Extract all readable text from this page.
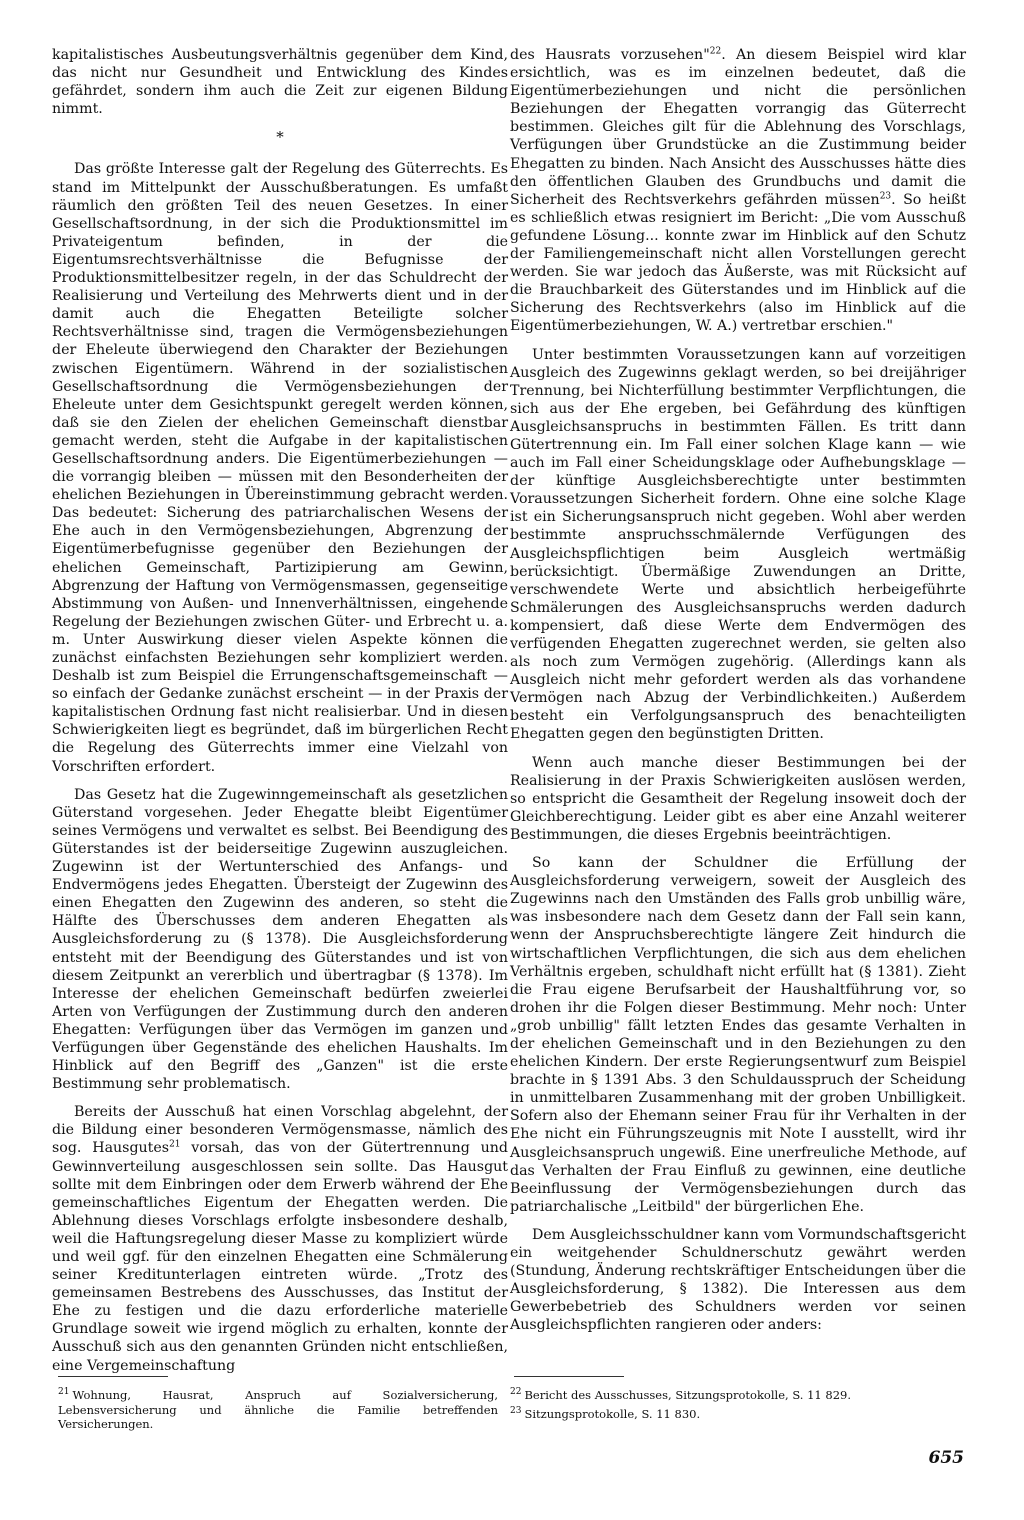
kapitalistisches Ausbeutungsverhältnis gegenüber dem Kind, das nicht nur Gesundheit und Entwicklung des Kindes gefährdet, sondern ihm auch die Zeit zur eigenen Bildung nimmt.

*

Das größte Interesse galt der Regelung des Güterrechts. Es stand im Mittelpunkt der Ausschußberatungen. Es umfaßt räumlich den größten Teil des neuen Gesetzes. In einer Gesellschaftsordnung, in der sich die Produktionsmittel im Privateigentum befinden, in der die Eigentumsrechtsverhältnisse die Befugnisse der Produktionsmittelbesitzer regeln, in der das Schuldrecht der Realisierung und Verteilung des Mehrwerts dient und in der damit auch die Ehegatten Beteiligte solcher Rechtsverhältnisse sind, tragen die Vermögensbeziehungen der Eheleute überwiegend den Charakter der Beziehungen zwischen Eigentümern. Während in der sozialistischen Gesellschaftsordnung die Vermögensbeziehungen der Eheleute unter dem Gesichtspunkt geregelt werden können, daß sie den Zielen der ehelichen Gemeinschaft dienstbar gemacht werden, steht die Aufgabe in der kapitalistischen Gesellschaftsordnung anders. Die Eigentümerbeziehungen — die vorrangig bleiben — müssen mit den Besonderheiten der ehelichen Beziehungen in Übereinstimmung gebracht werden. Das bedeutet: Sicherung des patriarchalischen Wesens der Ehe auch in den Vermögensbeziehungen, Abgrenzung der Eigentümerbefugnisse gegenüber den Beziehungen der ehelichen Gemeinschaft, Partizipierung am Gewinn, Abgrenzung der Haftung von Vermögensmassen, gegenseitige Abstimmung von Außen- und Innenverhältnissen, eingehende Regelung der Beziehungen zwischen Güter- und Erbrecht u. a. m. Unter Auswirkung dieser vielen Aspekte können die zunächst einfachsten Beziehungen sehr kompliziert werden. Deshalb ist zum Beispiel die Errungenschaftsgemeinschaft — so einfach der Gedanke zunächst erscheint — in der Praxis der kapitalistischen Ordnung fast nicht realisierbar. Und in diesen Schwierigkeiten liegt es begründet, daß im bürgerlichen Recht die Regelung des Güterrechts immer eine Vielzahl von Vorschriften erfordert.

Das Gesetz hat die Zugewinngemeinschaft als gesetzlichen Güterstand vorgesehen. Jeder Ehegatte bleibt Eigentümer seines Vermögens und verwaltet es selbst. Bei Beendigung des Güterstandes ist der beiderseitige Zugewinn auszugleichen. Zugewinn ist der Wertunterschied des Anfangs- und Endvermögens jedes Ehegatten. Übersteigt der Zugewinn des einen Ehegatten den Zugewinn des anderen, so steht die Hälfte des Überschusses dem anderen Ehegatten als Ausgleichsforderung zu (§ 1378). Die Ausgleichsforderung entsteht mit der Beendigung des Güterstandes und ist von diesem Zeitpunkt an vererblich und übertragbar (§ 1378). Im Interesse der ehelichen Gemeinschaft bedürfen zweierlei Arten von Verfügungen der Zustimmung durch den anderen Ehegatten: Verfügungen über das Vermögen im ganzen und Verfügungen über Gegenstände des ehelichen Haushalts. Im Hinblick auf den Begriff des „Ganzen" ist die erste Bestimmung sehr problematisch.

Bereits der Ausschuß hat einen Vorschlag abgelehnt, der die Bildung einer besonderen Vermögensmasse, nämlich des sog. Hausgutes$^{21}$ vorsah, das von der Gütertrennung und Gewinnverteilung ausgeschlossen sein sollte. Das Hausgut sollte mit dem Einbringen oder dem Erwerb während der Ehe gemeinschaftliches Eigentum der Ehegatten werden. Die Ablehnung dieses Vorschlags erfolgte insbesondere deshalb, weil die Haftungsregelung dieser Masse zu kompliziert würde und weil ggf. für den einzelnen Ehegatten eine Schmälerung seiner Kreditunterlagen eintreten würde. „Trotz des gemeinsamen Bestrebens des Ausschusses, das Institut der Ehe zu festigen und die dazu erforderliche materielle Grundlage soweit wie irgend möglich zu erhalten, konnte der Ausschuß sich aus den genannten Gründen nicht entschließen, eine Vergemeinschaftung

des Hausrats vorzusehen"$^{22}$. An diesem Beispiel wird klar ersichtlich, was es im einzelnen bedeutet, daß die Eigentümerbeziehungen und nicht die persönlichen Beziehungen der Ehegatten vorrangig das Güterrecht bestimmen. Gleiches gilt für die Ablehnung des Vorschlags, Verfügungen über Grundstücke an die Zustimmung beider Ehegatten zu binden. Nach Ansicht des Ausschusses hätte dies den öffentlichen Glauben des Grundbuchs und damit die Sicherheit des Rechtsverkehrs gefährden müssen$^{23}$. So heißt es schließlich etwas resigniert im Bericht: „Die vom Ausschuß gefundene Lösung... konnte zwar im Hinblick auf den Schutz der Familiengemeinschaft nicht allen Vorstellungen gerecht werden. Sie war jedoch das Äußerste, was mit Rücksicht auf die Brauchbarkeit des Güterstandes und im Hinblick auf die Sicherung des Rechtsverkehrs (also im Hinblick auf die Eigentümerbeziehungen, W. A.) vertretbar erschien."

Unter bestimmten Voraussetzungen kann auf vorzeitigen Ausgleich des Zugewinns geklagt werden, so bei dreijähriger Trennung, bei Nichterfüllung bestimmter Verpflichtungen, die sich aus der Ehe ergeben, bei Gefährdung des künftigen Ausgleichsanspruchs in bestimmten Fällen. Es tritt dann Gütertrennung ein. Im Fall einer solchen Klage kann — wie auch im Fall einer Scheidungsklage oder Aufhebungsklage — der künftige Ausgleichsberechtigte unter bestimmten Voraussetzungen Sicherheit fordern. Ohne eine solche Klage ist ein Sicherungsanspruch nicht gegeben. Wohl aber werden bestimmte anspruchsschmälernde Verfügungen des Ausgleichspflichtigen beim Ausgleich wertmäßig berücksichtigt. Übermäßige Zuwendungen an Dritte, verschwendete Werte und absichtlich herbeigeführte Schmälerungen des Ausgleichsanspruchs werden dadurch kompensiert, daß diese Werte dem Endvermögen des verfügenden Ehegatten zugerechnet werden, sie gelten also als noch zum Vermögen zugehörig. (Allerdings kann als Ausgleich nicht mehr gefordert werden als das vorhandene Vermögen nach Abzug der Verbindlichkeiten.) Außerdem besteht ein Verfolgungsanspruch des benachteiligten Ehegatten gegen den begünstigten Dritten.

Wenn auch manche dieser Bestimmungen bei der Realisierung in der Praxis Schwierigkeiten auslösen werden, so entspricht die Gesamtheit der Regelung insoweit doch der Gleichberechtigung. Leider gibt es aber eine Anzahl weiterer Bestimmungen, die dieses Ergebnis beeinträchtigen.

So kann der Schuldner die Erfüllung der Ausgleichsforderung verweigern, soweit der Ausgleich des Zugewinns nach den Umständen des Falls grob unbillig wäre, was insbesondere nach dem Gesetz dann der Fall sein kann, wenn der Anspruchsberechtigte längere Zeit hindurch die wirtschaftlichen Verpflichtungen, die sich aus dem ehelichen Verhältnis ergeben, schuldhaft nicht erfüllt hat (§ 1381). Zieht die Frau eigene Berufsarbeit der Haushaltführung vor, so drohen ihr die Folgen dieser Bestimmung. Mehr noch: Unter „grob unbillig" fällt letzten Endes das gesamte Verhalten in der ehelichen Gemeinschaft und in den Beziehungen zu den ehelichen Kindern. Der erste Regierungsentwurf zum Beispiel brachte in § 1391 Abs. 3 den Schuldausspruch der Scheidung in unmittelbaren Zusammenhang mit der groben Unbilligkeit. Sofern also der Ehemann seiner Frau für ihr Verhalten in der Ehe nicht ein Führungszeugnis mit Note I ausstellt, wird ihr Ausgleichsanspruch ungewiß. Eine unerfreuliche Methode, auf das Verhalten der Frau Einfluß zu gewinnen, eine deutliche Beeinflussung der Vermögensbeziehungen durch das patriarchalische „Leitbild" der bürgerlichen Ehe.

Dem Ausgleichsschuldner kann vom Vormundschaftsgericht ein weitgehender Schuldnerschutz gewährt werden (Stundung, Änderung rechtskräftiger Entscheidungen über die Ausgleichsforderung, § 1382). Die Interessen aus dem Gewerbebetrieb des Schuldners werden vor seinen Ausgleichspflichten rangieren oder anders:

$^{21}$ Wohnung, Hausrat, Anspruch auf Sozialversicherung, Lebensversicherung und ähnliche die Familie betreffenden Versicherungen.
$^{22}$ Bericht des Ausschusses, Sitzungsprotokolle, S. 11 829.
$^{23}$ Sitzungsprotokolle, S. 11 830.
655
